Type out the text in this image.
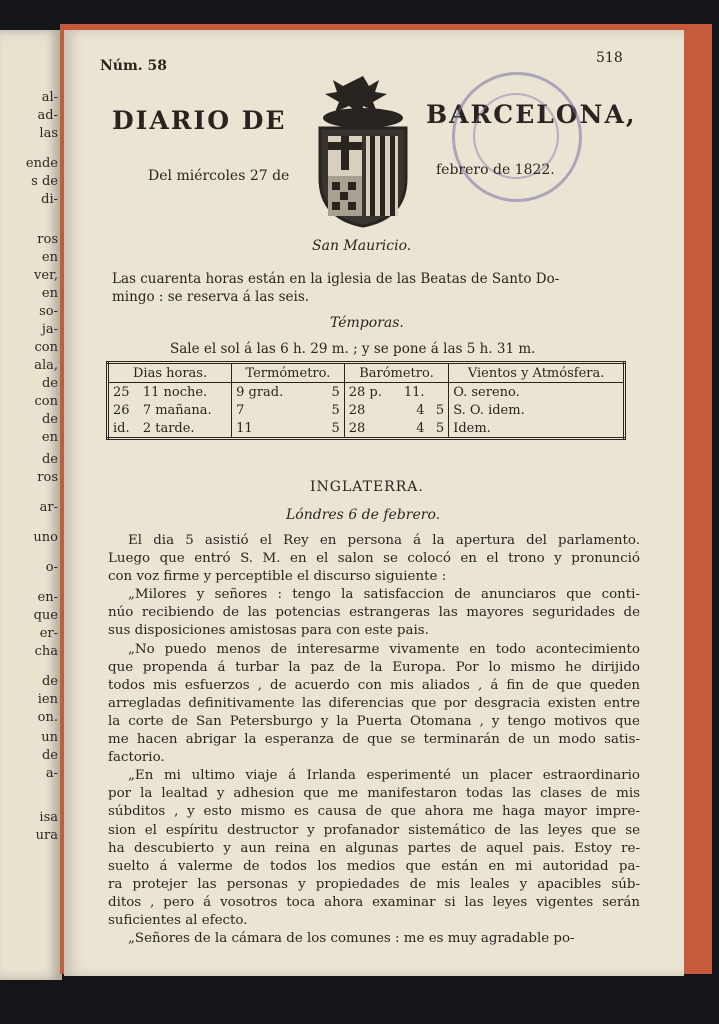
al-
ad-
las
ende
s de
di-
ros
en
ver,
en
so-
ja-
con
ala,
de
con
de
en
de
ros
ar-
uno
o-
en-
que
er-
cha
de
ien
on.
un
de
a-
isa
ura
Núm. 58	518
DIARIO DE	BARCELONA,
Del miércoles 27 de	febrero de 1822.
San Mauricio.
Las cuarenta horas están en la iglesia de las Beatas de Santo Do-
mingo : se reserva á las seis.
Témporas.
Sale el sol á las 6 h. 29 m. ; y se pone á las 5 h. 31 m.
Dias horas.		Termómetro.		Barómetro.			Vientos y Atmósfera.
25	11 noche.	9 grad.	5	28 p.	11.		O. sereno.
26	7 mañana.	7	5	28	4	5	S. O. idem.
id.	2 tarde.	11	5	28	4	5	Idem.
INGLATERRA.
Lóndres 6 de febrero.
El dia 5 asistió el Rey en persona á la apertura del parlamento.
Luego que entró S. M. en el salon se colocó en el trono y pronunció
con voz firme y perceptible el discurso siguiente :
„Milores y señores : tengo la satisfaccion de anunciaros que conti-
núo recibiendo de las potencias estrangeras las mayores seguridades de
sus disposiciones amistosas para con este pais.
„No puedo menos de interesarme vivamente en todo acontecimiento
que propenda á turbar la paz de la Europa. Por lo mismo he dirijido
todos mis esfuerzos , de acuerdo con mis aliados , á fin de que queden
arregladas definitivamente las diferencias que por desgracia existen entre
la corte de San Petersburgo y la Puerta Otomana , y tengo motivos que
me hacen abrigar la esperanza de que se terminarán de un modo satis-
factorio.
„En mi ultimo viaje á Irlanda esperimenté un placer estraordinario
por la lealtad y adhesion que me manifestaron todas las clases de mis
súbditos , y esto mismo es causa de que ahora me haga mayor impre-
sion el espíritu destructor y profanador sistemático de las leyes que se
ha descubierto y aun reina en algunas partes de aquel pais. Estoy re-
suelto á valerme de todos los medios que están en mi autoridad pa-
ra protejer las personas y propiedades de mis leales y apacibles súb-
ditos , pero á vosotros toca ahora examinar si las leyes vigentes serán
suficientes al efecto.
„Señores de la cámara de los comunes : me es muy agradable po-
